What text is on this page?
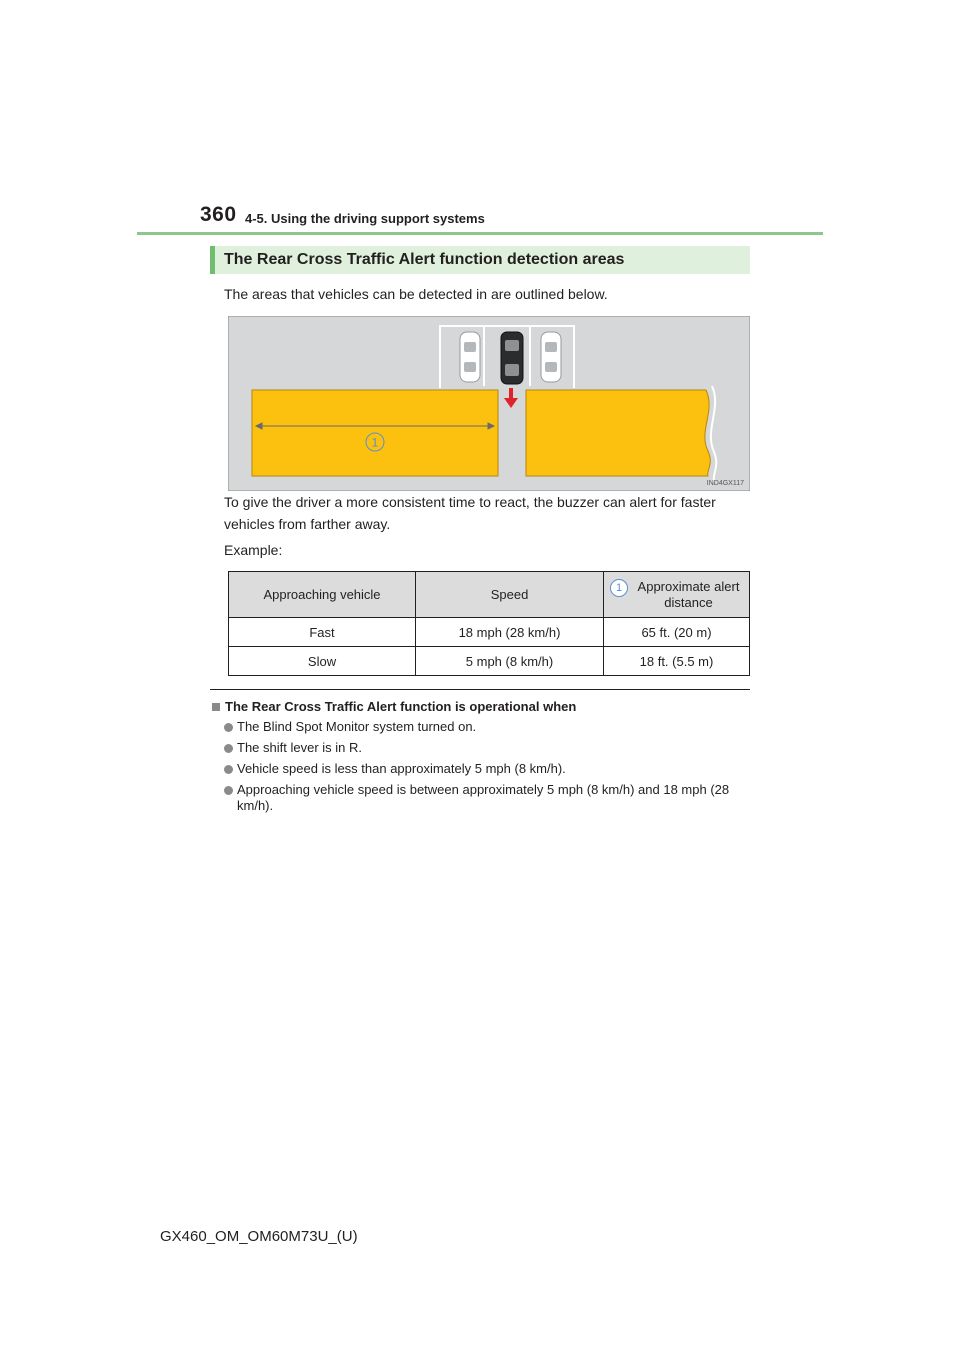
360 4-5. Using the driving support systems
The Rear Cross Traffic Alert function detection areas
The areas that vehicles can be detected in are outlined below.
1
IND4GX117
To give the driver a more consistent time to react, the buzzer can alert for faster vehicles from farther away.
Example:
Approaching vehicle	Speed	1 Approximate alert distance

Fast	18 mph (28 km/h)	65 ft. (20 m)
Slow	5 mph (8 km/h)	18 ft. (5.5 m)
The Rear Cross Traffic Alert function is operational when
The Blind Spot Monitor system turned on.
The shift lever is in R.
Vehicle speed is less than approximately 5 mph (8 km/h).
Approaching vehicle speed is between approximately 5 mph (8 km/h) and 18 mph (28 km/h).
GX460_OM_OM60M73U_(U)
